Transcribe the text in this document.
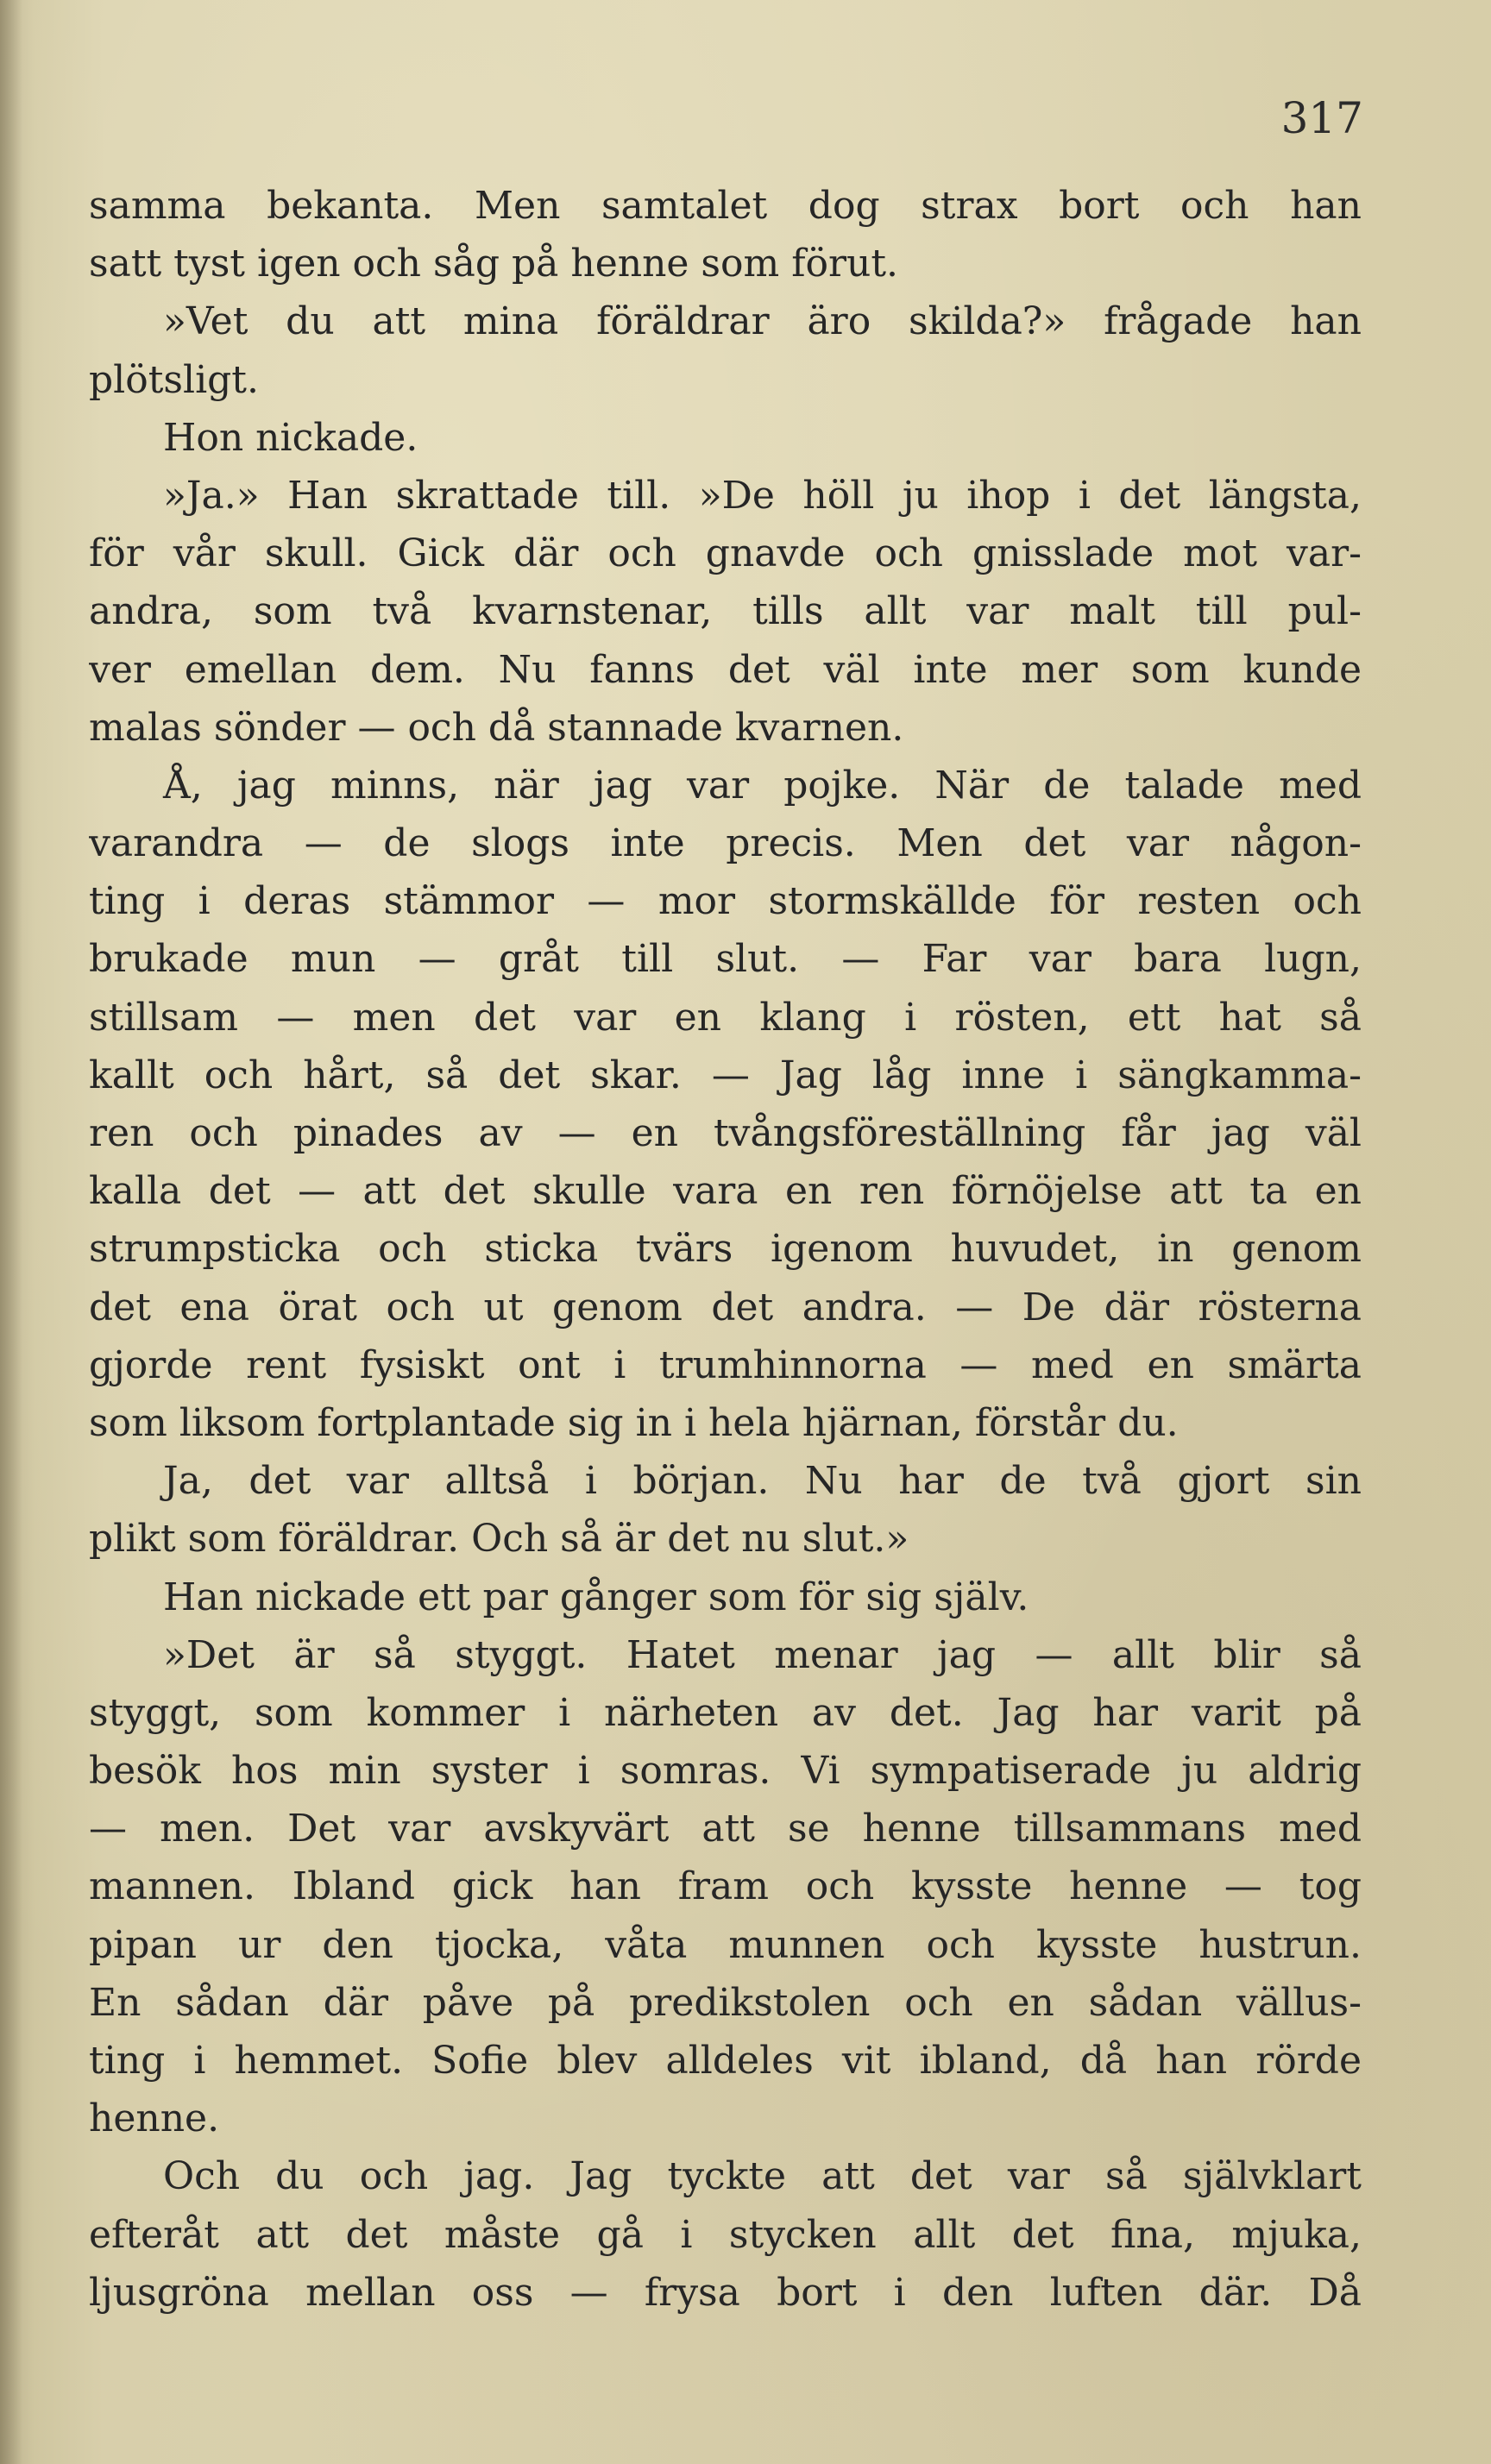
317
samma bekanta. Men samtalet dog strax bort och han
satt tyst igen och såg på henne som förut.
»Vet du att mina föräldrar äro skilda?» frågade han
plötsligt.
Hon nickade.
»Ja.» Han skrattade till. »De höll ju ihop i det längsta,
för vår skull. Gick där och gnavde och gnisslade mot var-
andra, som två kvarnstenar, tills allt var malt till pul-
ver emellan dem. Nu fanns det väl inte mer som kunde
malas sönder — och då stannade kvarnen.
Å, jag minns, när jag var pojke. När de talade med
varandra — de slogs inte precis. Men det var någon-
ting i deras stämmor — mor stormskällde för resten och
brukade mun — gråt till slut. — Far var bara lugn,
stillsam — men det var en klang i rösten, ett hat så
kallt och hårt, så det skar. — Jag låg inne i sängkamma-
ren och pinades av — en tvångsföreställning får jag väl
kalla det — att det skulle vara en ren förnöjelse att ta en
strumpsticka och sticka tvärs igenom huvudet, in genom
det ena örat och ut genom det andra. — De där rösterna
gjorde rent fysiskt ont i trumhinnorna — med en smärta
som liksom fortplantade sig in i hela hjärnan, förstår du.
Ja, det var alltså i början. Nu har de två gjort sin
plikt som föräldrar. Och så är det nu slut.»
Han nickade ett par gånger som för sig själv.
»Det är så styggt. Hatet menar jag — allt blir så
styggt, som kommer i närheten av det. Jag har varit på
besök hos min syster i somras. Vi sympatiserade ju aldrig
— men. Det var avskyvärt att se henne tillsammans med
mannen. Ibland gick han fram och kysste henne — tog
pipan ur den tjocka, våta munnen och kysste hustrun.
En sådan där påve på predikstolen och en sådan vällus-
ting i hemmet. Sofie blev alldeles vit ibland, då han rörde
henne.
Och du och jag. Jag tyckte att det var så självklart
efteråt att det måste gå i stycken allt det fina, mjuka,
ljusgröna mellan oss — frysa bort i den luften där. Då
